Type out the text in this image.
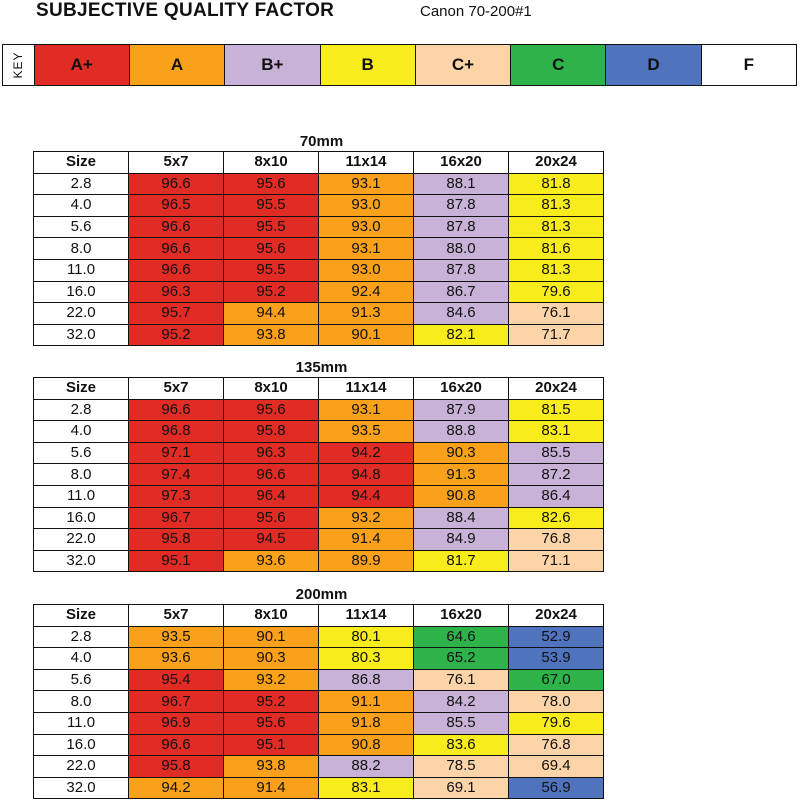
SUBJECTIVE QUALITY FACTOR	Canon 70-200#1
KEY	A+	A	B+	B	C+	C	D	F
70mm
Size	5x7	8x10	11x14	16x20	20x24
2.8	96.6	95.6	93.1	88.1	81.8
4.0	96.5	95.5	93.0	87.8	81.3
5.6	96.6	95.5	93.0	87.8	81.3
8.0	96.6	95.6	93.1	88.0	81.6
11.0	96.6	95.5	93.0	87.8	81.3
16.0	96.3	95.2	92.4	86.7	79.6
22.0	95.7	94.4	91.3	84.6	76.1
32.0	95.2	93.8	90.1	82.1	71.7
135mm
Size	5x7	8x10	11x14	16x20	20x24
2.8	96.6	95.6	93.1	87.9	81.5
4.0	96.8	95.8	93.5	88.8	83.1
5.6	97.1	96.3	94.2	90.3	85.5
8.0	97.4	96.6	94.8	91.3	87.2
11.0	97.3	96.4	94.4	90.8	86.4
16.0	96.7	95.6	93.2	88.4	82.6
22.0	95.8	94.5	91.4	84.9	76.8
32.0	95.1	93.6	89.9	81.7	71.1
200mm
Size	5x7	8x10	11x14	16x20	20x24
2.8	93.5	90.1	80.1	64.6	52.9
4.0	93.6	90.3	80.3	65.2	53.9
5.6	95.4	93.2	86.8	76.1	67.0
8.0	96.7	95.2	91.1	84.2	78.0
11.0	96.9	95.6	91.8	85.5	79.6
16.0	96.6	95.1	90.8	83.6	76.8
22.0	95.8	93.8	88.2	78.5	69.4
32.0	94.2	91.4	83.1	69.1	56.9
